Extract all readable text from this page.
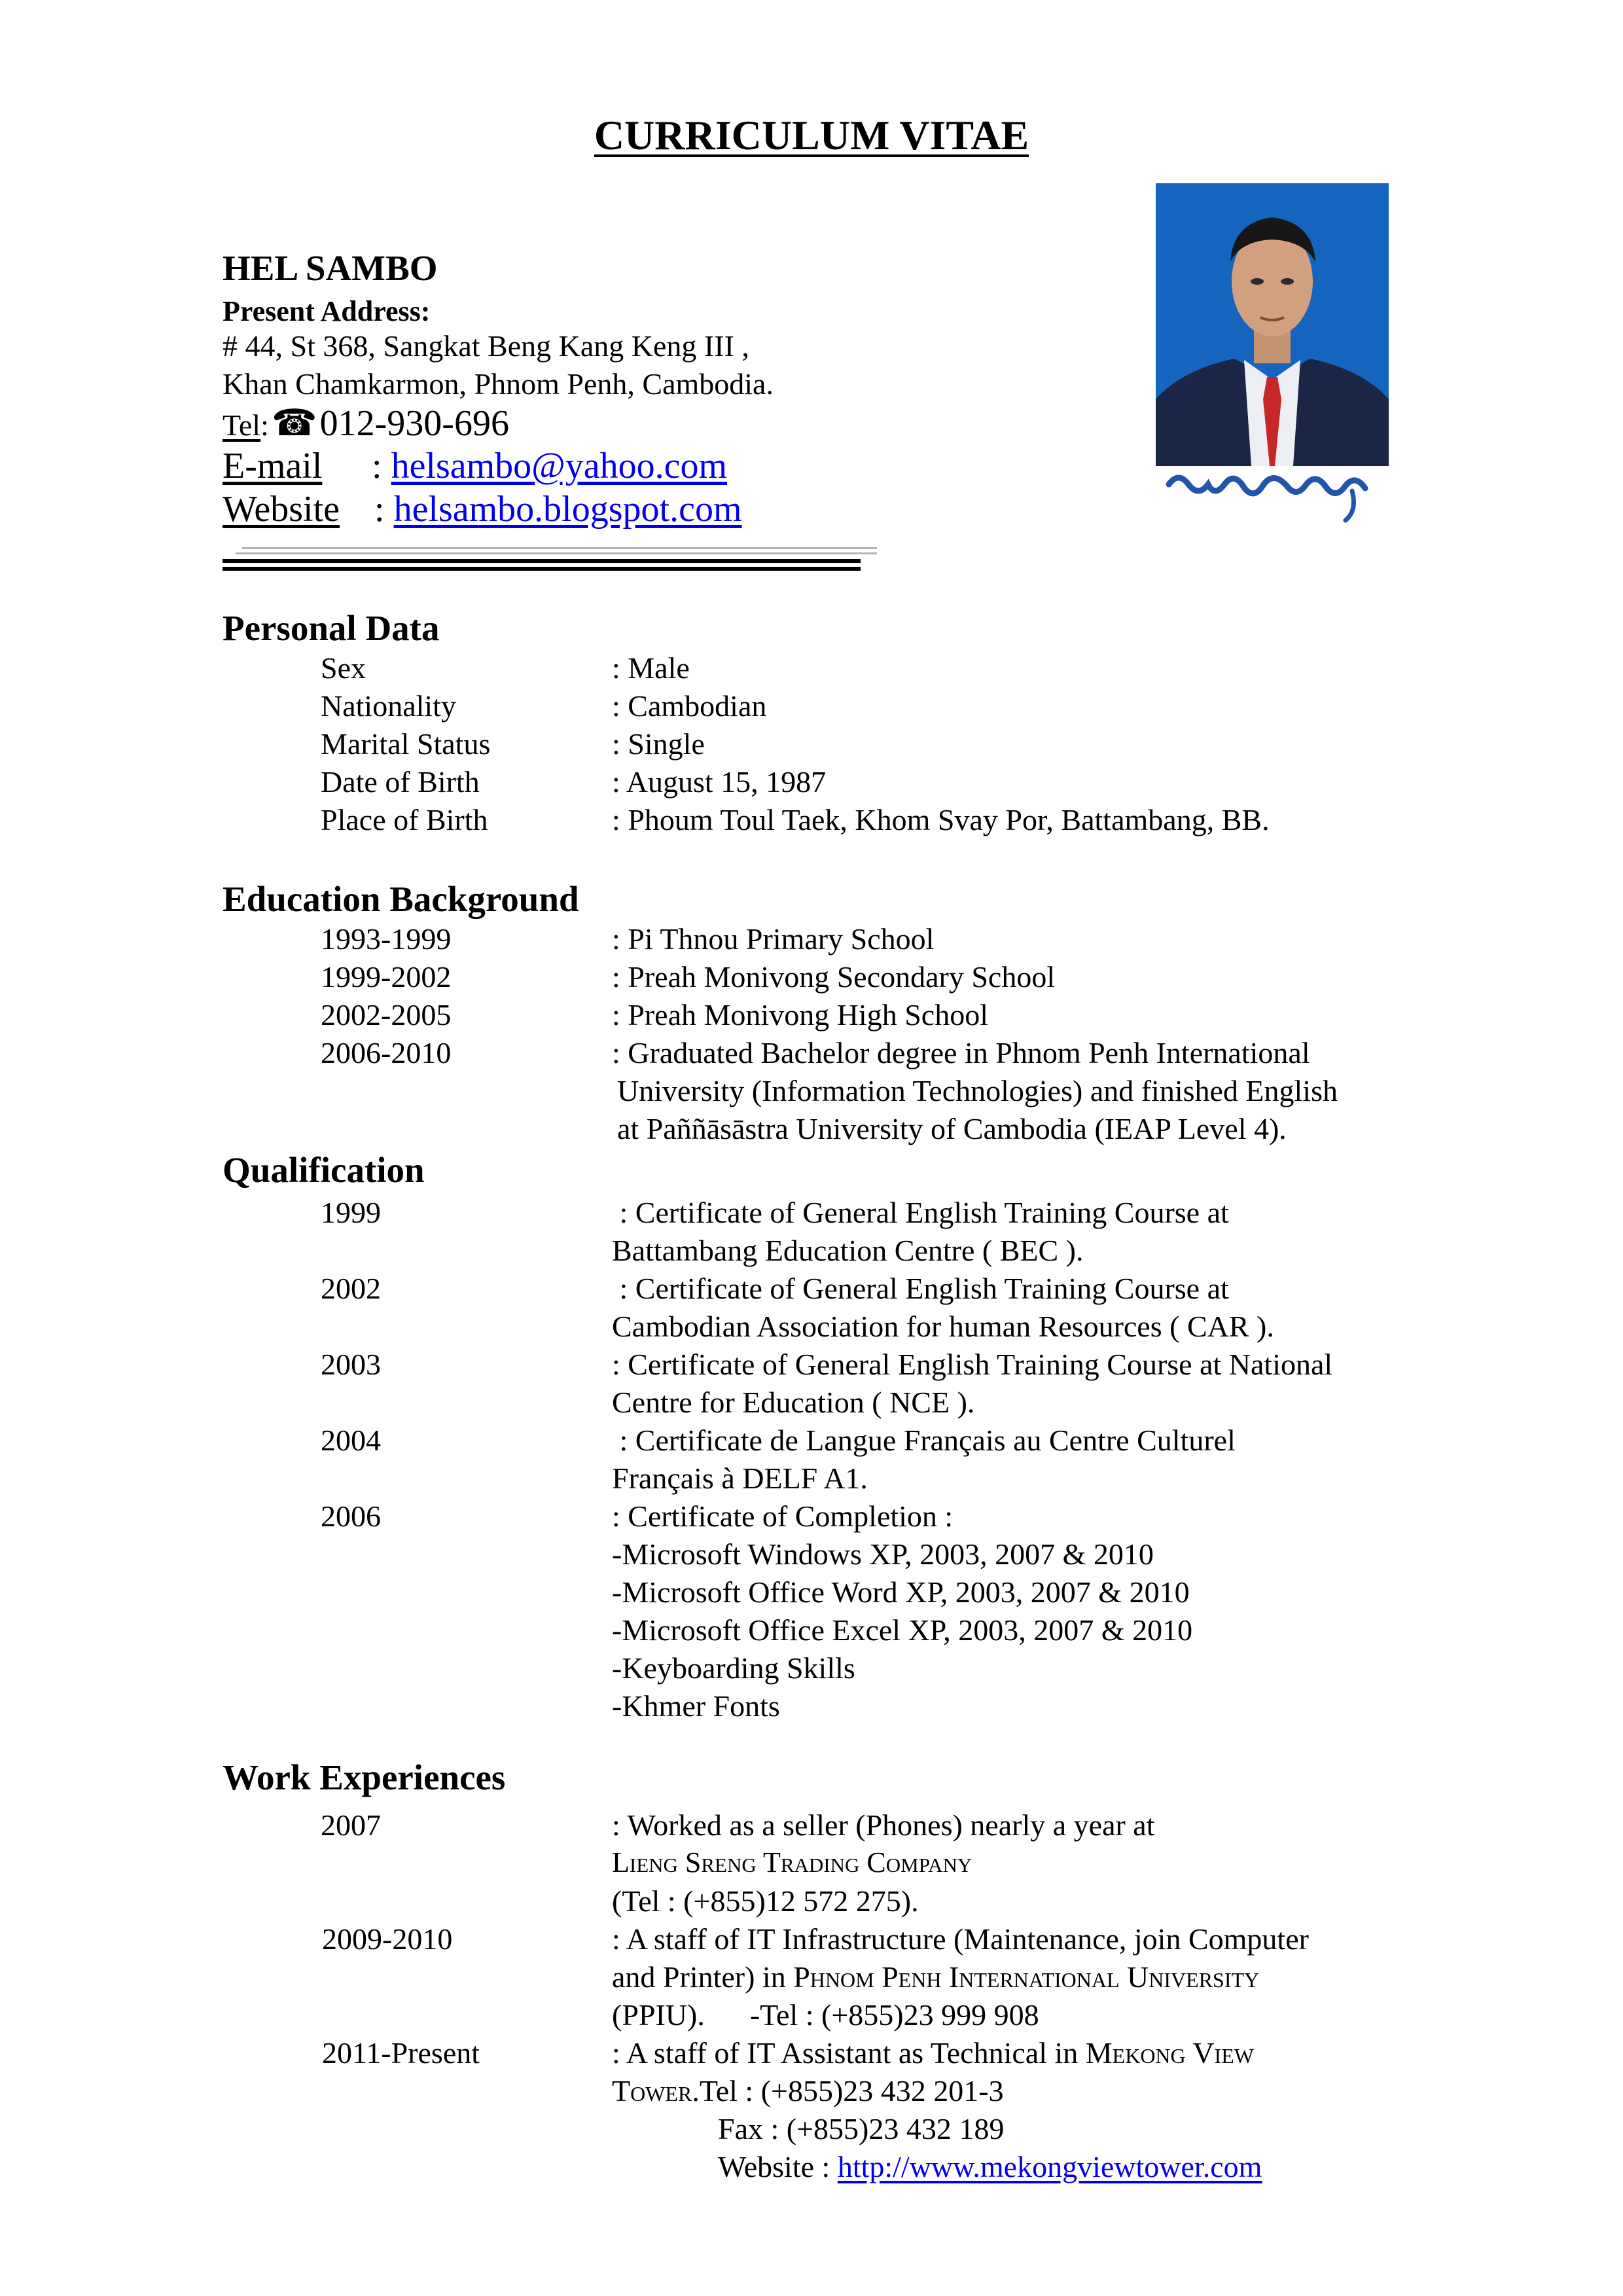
CURRICULUM VITAE
HEL SAMBO
Present Address:
# 44, St 368, Sangkat Beng Kang Keng III ,
Khan Chamkarmon, Phnom Penh, Cambodia.
Tel: ☎ 012-930-696
E-mail : helsambo@yahoo.com
Website : helsambo.blogspot.com
Personal Data
Sex	: Male
Nationality	: Cambodian
Marital Status	: Single
Date of Birth	: August 15, 1987
Place of Birth	: Phoum Toul Taek, Khom Svay Por, Battambang, BB.
Education Background
1993-1999	: Pi Thnou Primary School
1999-2002	: Preah Monivong Secondary School
2002-2005	: Preah Monivong High School
2006-2010	: Graduated Bachelor degree in Phnom Penh International
University (Information Technologies) and finished English
at Paññāsāstra University of Cambodia (IEAP Level 4).
Qualification
1999	: Certificate of General English Training Course at
Battambang Education Centre ( BEC ).
2002	: Certificate of General English Training Course at
Cambodian Association for human Resources ( CAR ).
2003	: Certificate of General English Training Course at National
Centre for Education ( NCE ).
2004	: Certificate de Langue Français au Centre Culturel
Français à DELF A1.
2006	: Certificate of Completion :
-Microsoft Windows XP, 2003, 2007 & 2010
-Microsoft Office Word XP, 2003, 2007 & 2010
-Microsoft Office Excel XP, 2003, 2007 & 2010
-Keyboarding Skills
-Khmer Fonts
Work Experiences
2007	: Worked as a seller (Phones) nearly a year at
Lieng Sreng Trading Company
(Tel : (+855)12 572 275).
2009-2010	: A staff of IT Infrastructure (Maintenance, join Computer
and Printer) in Phnom Penh International University
(PPIU).      -Tel : (+855)23 999 908
2011-Present	: A staff of IT Assistant as Technical in Mekong View
Tower.Tel : (+855)23 432 201-3
Fax : (+855)23 432 189
Website : http://www.mekongviewtower.com
